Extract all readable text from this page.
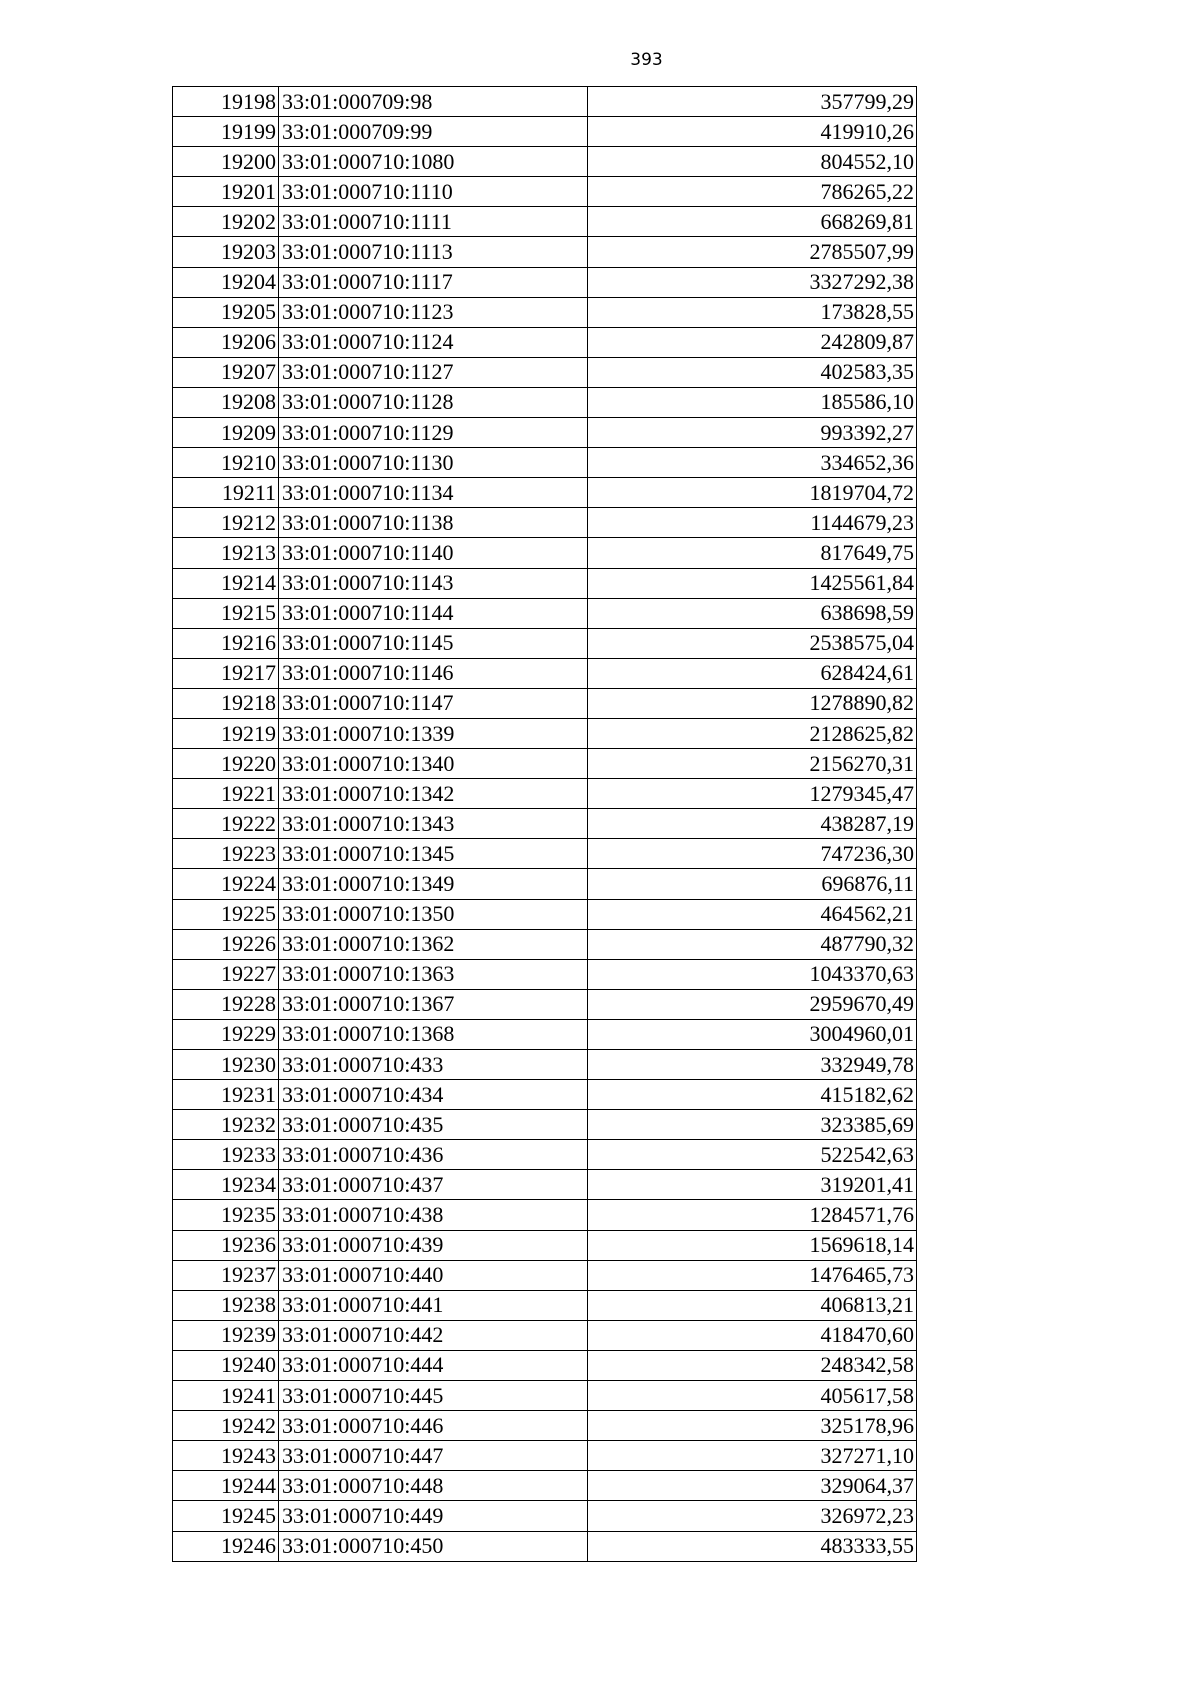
393
19198	33:01:000709:98	357799,29
19199	33:01:000709:99	419910,26
19200	33:01:000710:1080	804552,10
19201	33:01:000710:1110	786265,22
19202	33:01:000710:1111	668269,81
19203	33:01:000710:1113	2785507,99
19204	33:01:000710:1117	3327292,38
19205	33:01:000710:1123	173828,55
19206	33:01:000710:1124	242809,87
19207	33:01:000710:1127	402583,35
19208	33:01:000710:1128	185586,10
19209	33:01:000710:1129	993392,27
19210	33:01:000710:1130	334652,36
19211	33:01:000710:1134	1819704,72
19212	33:01:000710:1138	1144679,23
19213	33:01:000710:1140	817649,75
19214	33:01:000710:1143	1425561,84
19215	33:01:000710:1144	638698,59
19216	33:01:000710:1145	2538575,04
19217	33:01:000710:1146	628424,61
19218	33:01:000710:1147	1278890,82
19219	33:01:000710:1339	2128625,82
19220	33:01:000710:1340	2156270,31
19221	33:01:000710:1342	1279345,47
19222	33:01:000710:1343	438287,19
19223	33:01:000710:1345	747236,30
19224	33:01:000710:1349	696876,11
19225	33:01:000710:1350	464562,21
19226	33:01:000710:1362	487790,32
19227	33:01:000710:1363	1043370,63
19228	33:01:000710:1367	2959670,49
19229	33:01:000710:1368	3004960,01
19230	33:01:000710:433	332949,78
19231	33:01:000710:434	415182,62
19232	33:01:000710:435	323385,69
19233	33:01:000710:436	522542,63
19234	33:01:000710:437	319201,41
19235	33:01:000710:438	1284571,76
19236	33:01:000710:439	1569618,14
19237	33:01:000710:440	1476465,73
19238	33:01:000710:441	406813,21
19239	33:01:000710:442	418470,60
19240	33:01:000710:444	248342,58
19241	33:01:000710:445	405617,58
19242	33:01:000710:446	325178,96
19243	33:01:000710:447	327271,10
19244	33:01:000710:448	329064,37
19245	33:01:000710:449	326972,23
19246	33:01:000710:450	483333,55
